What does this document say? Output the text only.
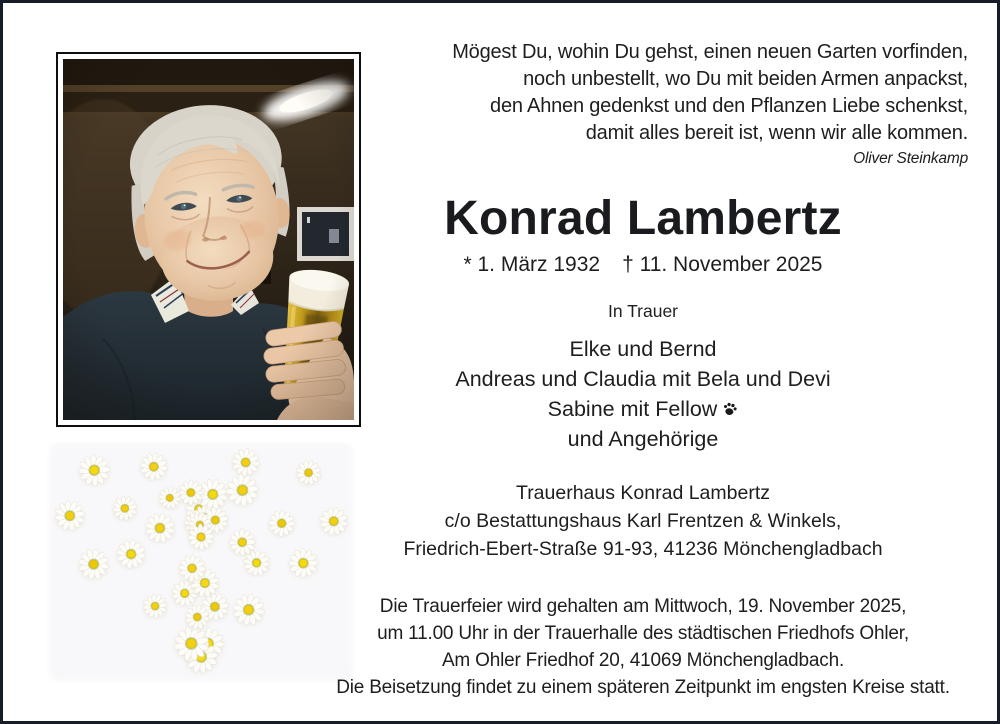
Mögest Du, wohin Du gehst, einen neuen Garten vorfinden,
noch unbestellt, wo Du mit beiden Armen anpackst,
den Ahnen gedenkst und den Pflanzen Liebe schenkst,
damit alles bereit ist, wenn wir alle kommen.
Oliver Steinkamp
Konrad Lambertz
* 1. März 1932 † 11. November 2025
In Trauer
Elke und Bernd
Andreas und Claudia mit Bela und Devi
Sabine mit Fellow
und Angehörige
Trauerhaus Konrad Lambertz
c/o Bestattungshaus Karl Frentzen & Winkels,
Friedrich-Ebert-Straße 91-93, 41236 Mönchengladbach
Die Trauerfeier wird gehalten am Mittwoch, 19. November 2025,
um 11.00 Uhr in der Trauerhalle des städtischen Friedhofs Ohler,
Am Ohler Friedhof 20, 41069 Mönchengladbach.
Die Beisetzung findet zu einem späteren Zeitpunkt im engsten Kreise statt.
